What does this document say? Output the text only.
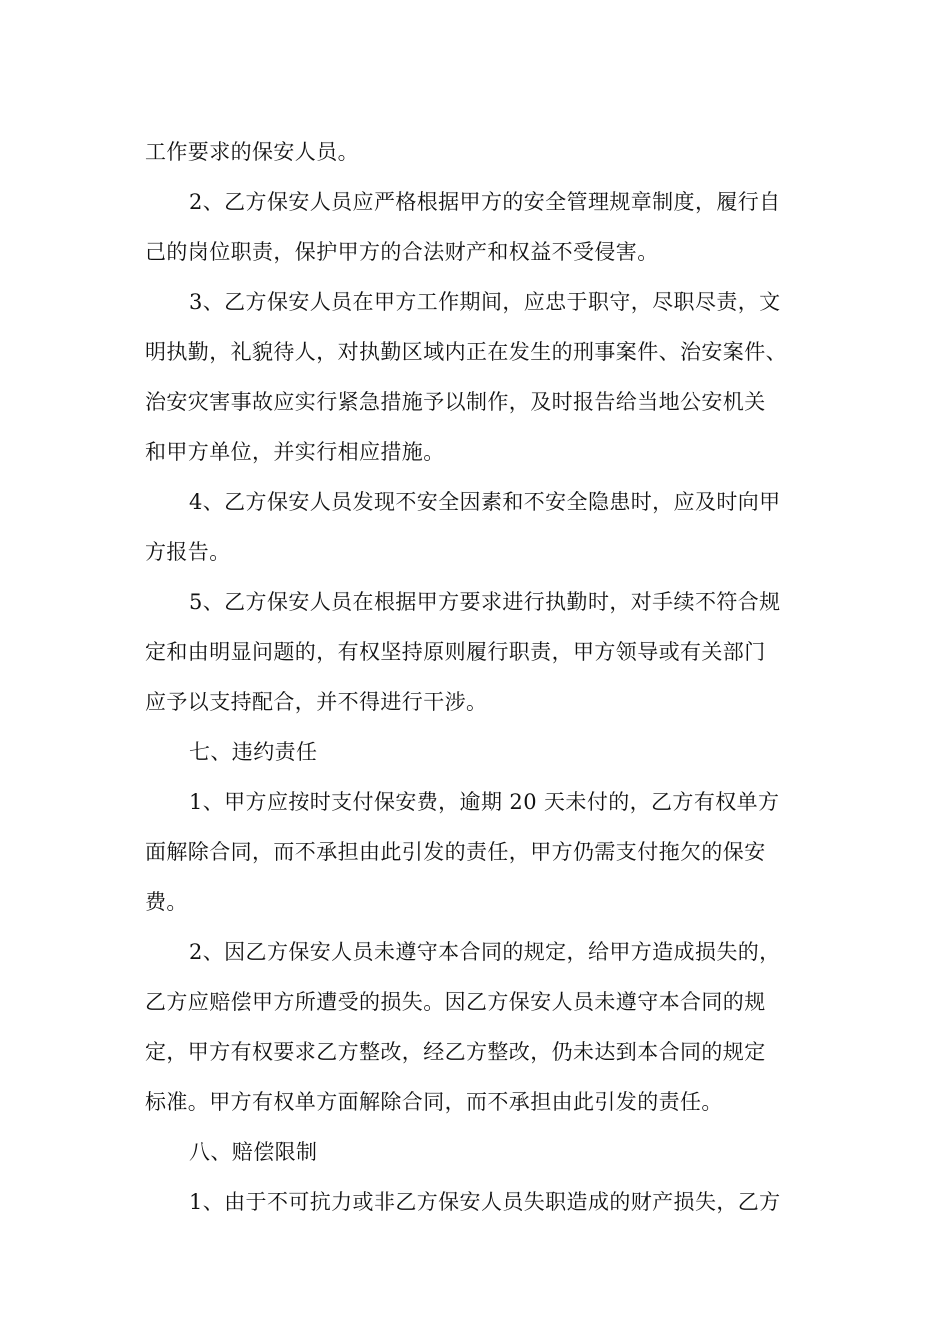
工作要求的保安人员。
2、乙方保安人员应严格根据甲方的安全管理规章制度，履行自
己的岗位职责，保护甲方的合法财产和权益不受侵害。
3、乙方保安人员在甲方工作期间，应忠于职守，尽职尽责，文
明执勤，礼貌待人，对执勤区域内正在发生的刑事案件、治安案件、
治安灾害事故应实行紧急措施予以制作，及时报告给当地公安机关
和甲方单位，并实行相应措施。
4、乙方保安人员发现不安全因素和不安全隐患时，应及时向甲
方报告。
5、乙方保安人员在根据甲方要求进行执勤时，对手续不符合规
定和由明显问题的，有权坚持原则履行职责，甲方领导或有关部门
应予以支持配合，并不得进行干涉。
七、违约责任
1、甲方应按时支付保安费，逾期 20 天未付的，乙方有权单方
面解除合同，而不承担由此引发的责任，甲方仍需支付拖欠的保安
费。
2、因乙方保安人员未遵守本合同的规定，给甲方造成损失的，
乙方应赔偿甲方所遭受的损失。因乙方保安人员未遵守本合同的规
定，甲方有权要求乙方整改，经乙方整改，仍未达到本合同的规定
标准。甲方有权单方面解除合同，而不承担由此引发的责任。
八、赔偿限制
1、由于不可抗力或非乙方保安人员失职造成的财产损失，乙方
